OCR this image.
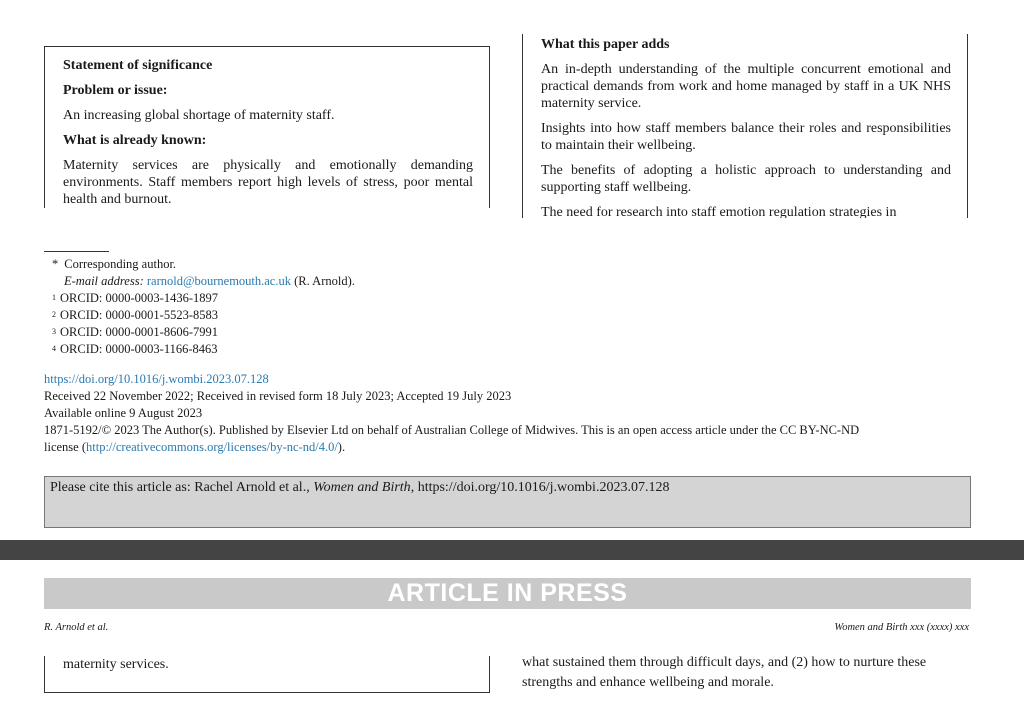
Statement of significance
Problem or issue:
An increasing global shortage of maternity staff.
What is already known:
Maternity services are physically and emotionally demanding environments. Staff members report high levels of stress, poor mental health and burnout.
What this paper adds
An in-depth understanding of the multiple concurrent emotional and practical demands from work and home managed by staff in a UK NHS maternity service.
Insights into how staff members balance their roles and responsibilities to maintain their wellbeing.
The benefits of adopting a holistic approach to understanding and supporting staff wellbeing.
The need for research into staff emotion regulation strategies in
* Corresponding author.
E-mail address: rarnold@bournemouth.ac.uk (R. Arnold).
$^1$ ORCID: 0000-0003-1436-1897
$^2$ ORCID: 0000-0001-5523-8583
$^3$ ORCID: 0000-0001-8606-7991
$^4$ ORCID: 0000-0003-1166-8463
https://doi.org/10.1016/j.wombi.2023.07.128
Received 22 November 2022; Received in revised form 18 July 2023; Accepted 19 July 2023
Available online 9 August 2023
1871-5192/© 2023 The Author(s). Published by Elsevier Ltd on behalf of Australian College of Midwives. This is an open access article under the CC BY-NC-ND
license (http://creativecommons.org/licenses/by-nc-nd/4.0/).
Please cite this article as: Rachel Arnold et al., Women and Birth, https://doi.org/10.1016/j.wombi.2023.07.128
ARTICLE IN PRESS
R. Arnold et al.	Women and Birth xxx (xxxx) xxx
maternity services.	what sustained them through difficult days, and (2) how to nurture these strengths and enhance wellbeing and morale.
